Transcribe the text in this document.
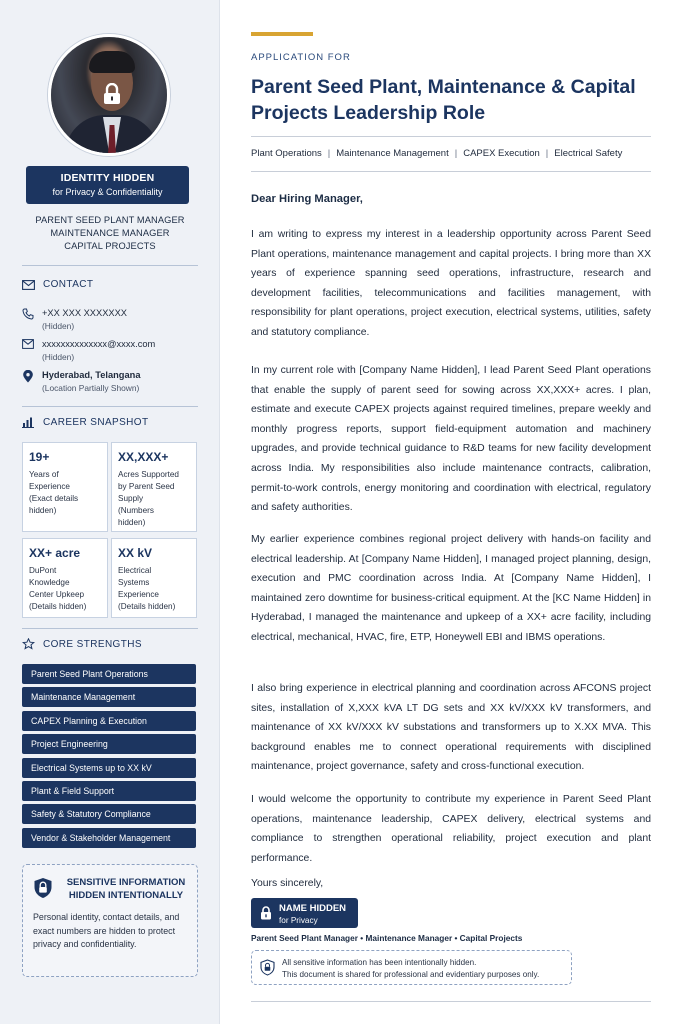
IDENTITY HIDDEN
for Privacy & Confidentiality
PARENT SEED PLANT MANAGER
MAINTENANCE MANAGER
CAPITAL PROJECTS
CONTACT
+XX XXX XXXXXXX
(Hidden)
xxxxxxxxxxxxxx@xxxx.com
(Hidden)
Hyderabad, Telangana
(Location Partially Shown)
CAREER SNAPSHOT
19+
Years of
Experience
(Exact details
hidden)
XX,XXX+
Acres Supported
by Parent Seed
Supply
(Numbers
hidden)
XX+ acre
DuPont
Knowledge
Center Upkeep
(Details hidden)
XX kV
Electrical
Systems
Experience
(Details hidden)
CORE STRENGTHS
Parent Seed Plant Operations
Maintenance Management
CAPEX Planning & Execution
Project Engineering
Electrical Systems up to XX kV
Plant & Field Support
Safety & Statutory Compliance
Vendor & Stakeholder Management
SENSITIVE INFORMATION
HIDDEN INTENTIONALLY
Personal identity, contact details, and exact numbers are hidden to protect privacy and confidentiality.
APPLICATION FOR
Parent Seed Plant, Maintenance & Capital Projects Leadership Role
Plant Operations | Maintenance Management | CAPEX Execution | Electrical Safety
Dear Hiring Manager,
I am writing to express my interest in a leadership opportunity across Parent Seed Plant operations, maintenance management and capital projects. I bring more than XX years of experience spanning seed operations, infrastructure, research and development facilities, telecommunications and facilities management, with responsibility for plant operations, project execution, electrical systems, utilities, safety and statutory compliance.
In my current role with [Company Name Hidden], I lead Parent Seed Plant operations that enable the supply of parent seed for sowing across XX,XXX+ acres. I plan, estimate and execute CAPEX projects against required timelines, prepare weekly and monthly progress reports, support field-equipment automation and machinery upgrades, and provide technical guidance to R&D teams for new facility development across India. My responsibilities also include maintenance contracts, calibration, permit-to-work controls, energy monitoring and coordination with electrical, regulatory and safety authorities.
My earlier experience combines regional project delivery with hands-on facility and electrical leadership. At [Company Name Hidden], I managed project planning, design, execution and PMC coordination across India. At [Company Name Hidden], I maintained zero downtime for business-critical equipment. At the [KC Name Hidden] in Hyderabad, I managed the maintenance and upkeep of a XX+ acre facility, including electrical, mechanical, HVAC, fire, ETP, Honeywell EBI and IBMS operations.
I also bring experience in electrical planning and coordination across AFCONS project sites, installation of X,XXX kVA LT DG sets and XX kV/XXX kV transformers, and maintenance of XX kV/XXX kV substations and transformers up to X.XX MVA. This background enables me to connect operational requirements with disciplined maintenance, project governance, safety and cross-functional execution.
I would welcome the opportunity to contribute my experience in Parent Seed Plant operations, maintenance leadership, CAPEX delivery, electrical systems and compliance to strengthen operational reliability, project execution and plant performance.
Yours sincerely,
NAME HIDDEN
for Privacy
Parent Seed Plant Manager • Maintenance Manager • Capital Projects
All sensitive information has been intentionally hidden.
This document is shared for professional and evidentiary purposes only.
